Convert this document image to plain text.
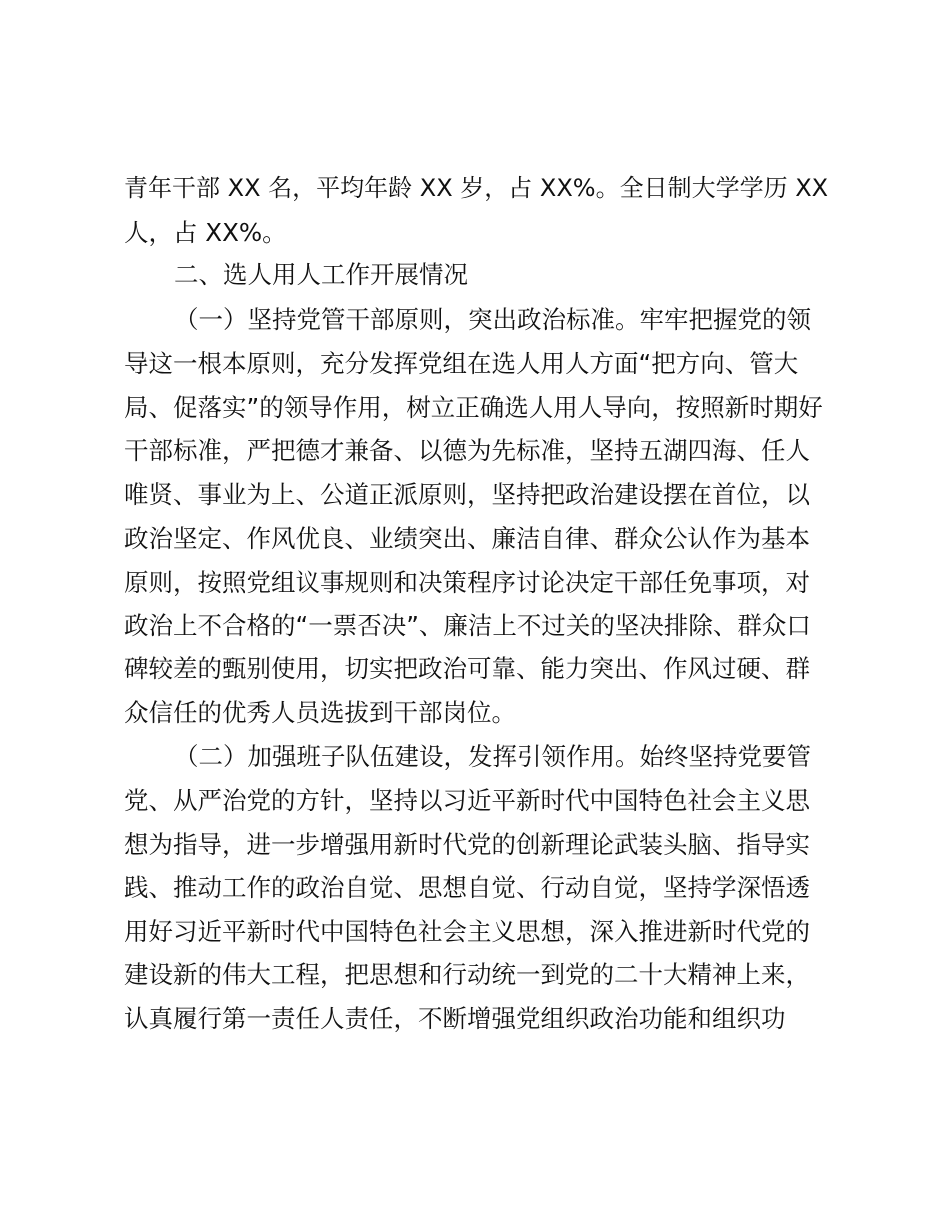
青年干部 XX 名，平均年龄 XX 岁，占 XX%。全日制大学学历 XX

人，占 XX%。

二、选人用人工作开展情况

（一）坚持党管干部原则，突出政治标准。牢牢把握党的领

导这一根本原则，充分发挥党组在选人用人方面“把方向、管大

局、促落实”的领导作用，树立正确选人用人导向，按照新时期好

干部标准，严把德才兼备、以德为先标准，坚持五湖四海、任人

唯贤、事业为上、公道正派原则，坚持把政治建设摆在首位，以

政治坚定、作风优良、业绩突出、廉洁自律、群众公认作为基本

原则，按照党组议事规则和决策程序讨论决定干部任免事项，对

政治上不合格的“一票否决”、廉洁上不过关的坚决排除、群众口

碑较差的甄别使用，切实把政治可靠、能力突出、作风过硬、群

众信任的优秀人员选拔到干部岗位。

（二）加强班子队伍建设，发挥引领作用。始终坚持党要管

党、从严治党的方针，坚持以习近平新时代中国特色社会主义思

想为指导，进一步增强用新时代党的创新理论武装头脑、指导实

践、推动工作的政治自觉、思想自觉、行动自觉，坚持学深悟透

用好习近平新时代中国特色社会主义思想，深入推进新时代党的

建设新的伟大工程，把思想和行动统一到党的二十大精神上来，

认真履行第一责任人责任，不断增强党组织政治功能和组织功
